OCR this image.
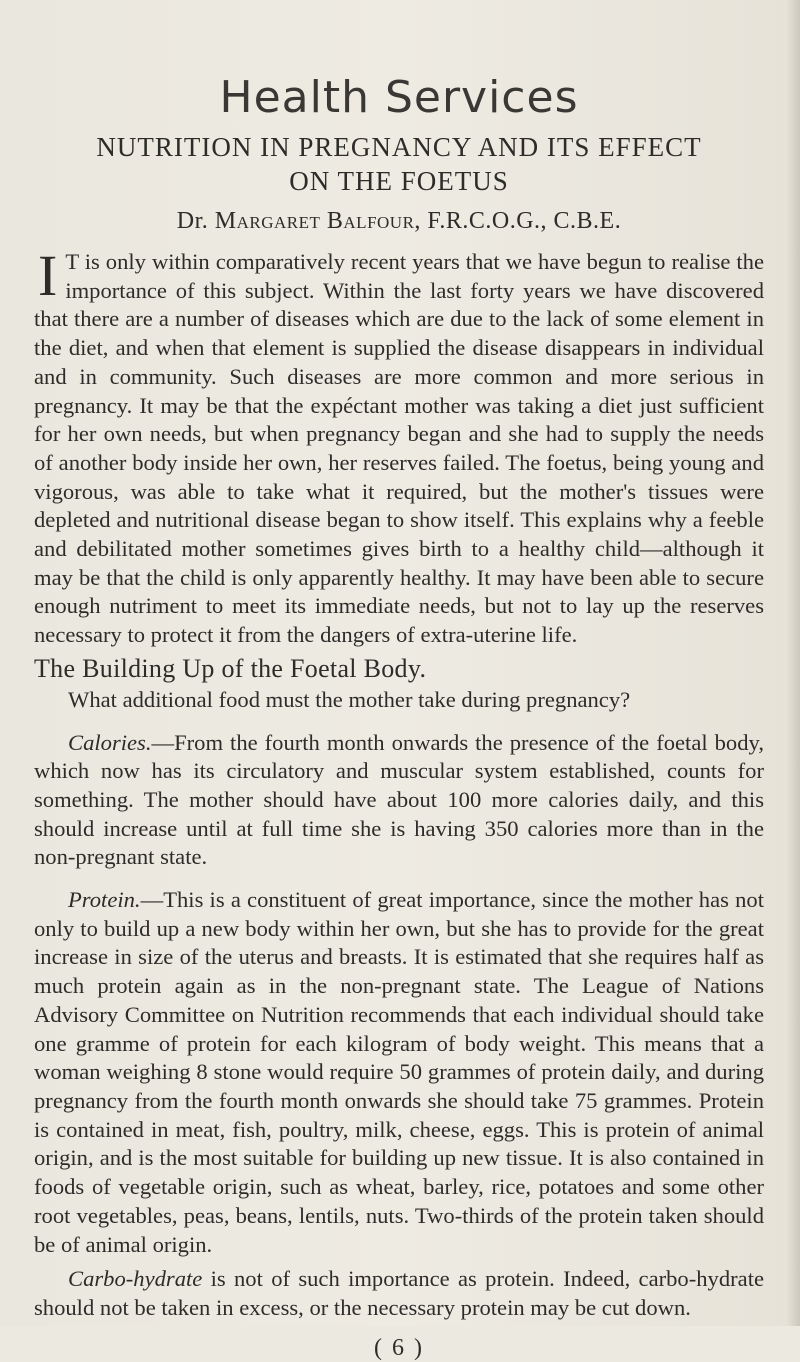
Health Services
NUTRITION IN PREGNANCY AND ITS EFFECT
ON THE FOETUS
Dr. Margaret Balfour, F.R.C.O.G., C.B.E.

I T is only within comparatively recent years that we have begun to realise the importance of this subject. Within the last forty years we have discovered that there are a number of diseases which are due to the lack of some element in the diet, and when that element is supplied the disease disappears in individual and in community. Such diseases are more common and more serious in pregnancy. It may be that the expéctant mother was taking a diet just sufficient for her own needs, but when pregnancy began and she had to supply the needs of another body inside her own, her reserves failed. The foetus, being young and vigorous, was able to take what it required, but the mother's tissues were depleted and nutritional disease began to show itself. This explains why a feeble and debilitated mother sometimes gives birth to a healthy child—although it may be that the child is only apparently healthy. It may have been able to secure enough nutriment to meet its immediate needs, but not to lay up the reserves necessary to protect it from the dangers of extra-uterine life.

The Building Up of the Foetal Body.

What additional food must the mother take during pregnancy?

Calories.—From the fourth month onwards the presence of the foetal body, which now has its circulatory and muscular system established, counts for something. The mother should have about 100 more calories daily, and this should increase until at full time she is having 350 calories more than in the non-pregnant state.

Protein.—This is a constituent of great importance, since the mother has not only to build up a new body within her own, but she has to provide for the great increase in size of the uterus and breasts. It is estimated that she requires half as much protein again as in the non-pregnant state. The League of Nations Advisory Committee on Nutrition recommends that each individual should take one gramme of protein for each kilogram of body weight. This means that a woman weighing 8 stone would require 50 grammes of protein daily, and during pregnancy from the fourth month onwards she should take 75 grammes. Protein is contained in meat, fish, poultry, milk, cheese, eggs. This is protein of animal origin, and is the most suitable for building up new tissue. It is also contained in foods of vegetable origin, such as wheat, barley, rice, potatoes and some other root vegetables, peas, beans, lentils, nuts. Two-thirds of the protein taken should be of animal origin.

Carbo-hydrate is not of such importance as protein. Indeed, carbo-hydrate should not be taken in excess, or the necessary protein may be cut down.

( 6 )
